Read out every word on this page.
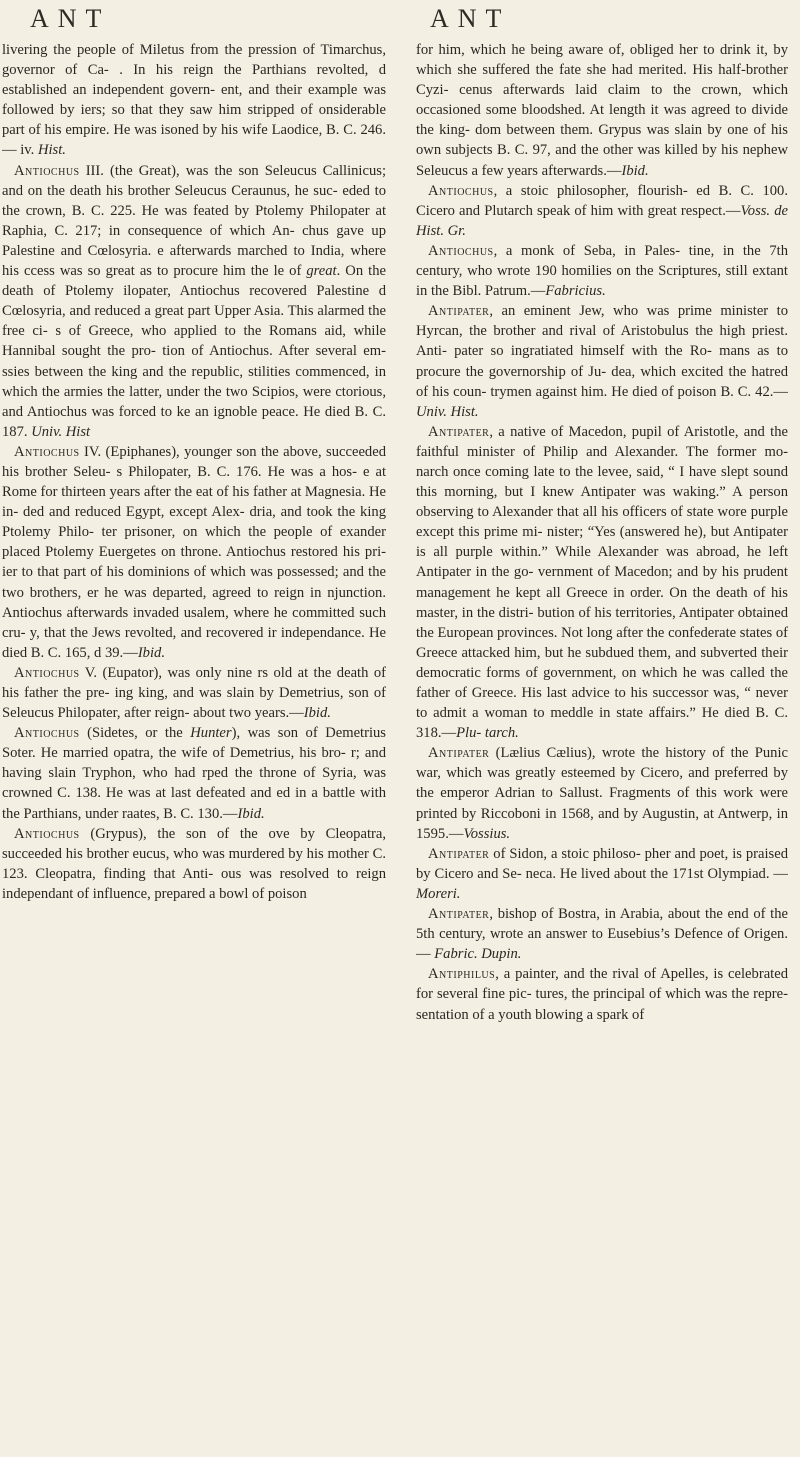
ANT	ANT

livering the people of Miletus from the pression of Timarchus, governor of Ca- . In his reign the Parthians revolted, d established an independent govern- ent, and their example was followed by iers; so that they saw him stripped of onsiderable part of his empire. He was isoned by his wife Laodice, B. C. 246.— iv. Hist.

Antiochus III. (the Great), was the son Seleucus Callinicus; and on the death his brother Seleucus Ceraunus, he suc- eded to the crown, B. C. 225. He was feated by Ptolemy Philopater at Raphia, C. 217; in consequence of which An- chus gave up Palestine and Cœlosyria. e afterwards marched to India, where his ccess was so great as to procure him the le of great. On the death of Ptolemy ilopater, Antiochus recovered Palestine d Cœlosyria, and reduced a great part Upper Asia. This alarmed the free ci- s of Greece, who applied to the Romans aid, while Hannibal sought the pro- tion of Antiochus. After several em- ssies between the king and the republic, stilities commenced, in which the armies the latter, under the two Scipios, were ctorious, and Antiochus was forced to ke an ignoble peace. He died B. C. 187. Univ. Hist

Antiochus IV. (Epiphanes), younger son the above, succeeded his brother Seleu- s Philopater, B. C. 176. He was a hos- e at Rome for thirteen years after the eat of his father at Magnesia. He in- ded and reduced Egypt, except Alex- dria, and took the king Ptolemy Philo- ter prisoner, on which the people of exander placed Ptolemy Euergetes on throne. Antiochus restored his pri- ier to that part of his dominions of which was possessed; and the two brothers, er he was departed, agreed to reign in njunction. Antiochus afterwards invaded usalem, where he committed such cru- y, that the Jews revolted, and recovered ir independance. He died B. C. 165, d 39.—Ibid.

Antiochus V. (Eupator), was only nine rs old at the death of his father the pre- ing king, and was slain by Demetrius, son of Seleucus Philopater, after reign- about two years.—Ibid.

Antiochus (Sidetes, or the Hunter), was son of Demetrius Soter. He married opatra, the wife of Demetrius, his bro- r; and having slain Tryphon, who had rped the throne of Syria, was crowned C. 138. He was at last defeated and ed in a battle with the Parthians, under raates, B. C. 130.—Ibid.

Antiochus (Grypus), the son of the ove by Cleopatra, succeeded his brother eucus, who was murdered by his mother C. 123. Cleopatra, finding that Anti- ous was resolved to reign independant of influence, prepared a bowl of poison

for him, which he being aware of, obliged her to drink it, by which she suffered the fate she had merited. His half-brother Cyzi- cenus afterwards laid claim to the crown, which occasioned some bloodshed. At length it was agreed to divide the king- dom between them. Grypus was slain by one of his own subjects B. C. 97, and the other was killed by his nephew Seleucus a few years afterwards.—Ibid.

Antiochus, a stoic philosopher, flourish- ed B. C. 100. Cicero and Plutarch speak of him with great respect.—Voss. de Hist. Gr.

Antiochus, a monk of Seba, in Pales- tine, in the 7th century, who wrote 190 homilies on the Scriptures, still extant in the Bibl. Patrum.—Fabricius.

Antipater, an eminent Jew, who was prime minister to Hyrcan, the brother and rival of Aristobulus the high priest. Anti- pater so ingratiated himself with the Ro- mans as to procure the governorship of Ju- dea, which excited the hatred of his coun- trymen against him. He died of poison B. C. 42.—Univ. Hist.

Antipater, a native of Macedon, pupil of Aristotle, and the faithful minister of Philip and Alexander. The former mo- narch once coming late to the levee, said, “ I have slept sound this morning, but I knew Antipater was waking.” A person observing to Alexander that all his officers of state wore purple except this prime mi- nister; “Yes (answered he), but Antipater is all purple within.” While Alexander was abroad, he left Antipater in the go- vernment of Macedon; and by his prudent management he kept all Greece in order. On the death of his master, in the distri- bution of his territories, Antipater obtained the European provinces. Not long after the confederate states of Greece attacked him, but he subdued them, and subverted their democratic forms of government, on which he was called the father of Greece. His last advice to his successor was, “ never to admit a woman to meddle in state affairs.” He died B. C. 318.—Plu- tarch.

Antipater (Lælius Cælius), wrote the history of the Punic war, which was greatly esteemed by Cicero, and preferred by the emperor Adrian to Sallust. Fragments of this work were printed by Riccoboni in 1568, and by Augustin, at Antwerp, in 1595.—Vossius.

Antipater of Sidon, a stoic philoso- pher and poet, is praised by Cicero and Se- neca. He lived about the 171st Olympiad. — Moreri.

Antipater, bishop of Bostra, in Arabia, about the end of the 5th century, wrote an answer to Eusebius’s Defence of Origen.— Fabric. Dupin.

Antiphilus, a painter, and the rival of Apelles, is celebrated for several fine pic- tures, the principal of which was the repre- sentation of a youth blowing a spark of
